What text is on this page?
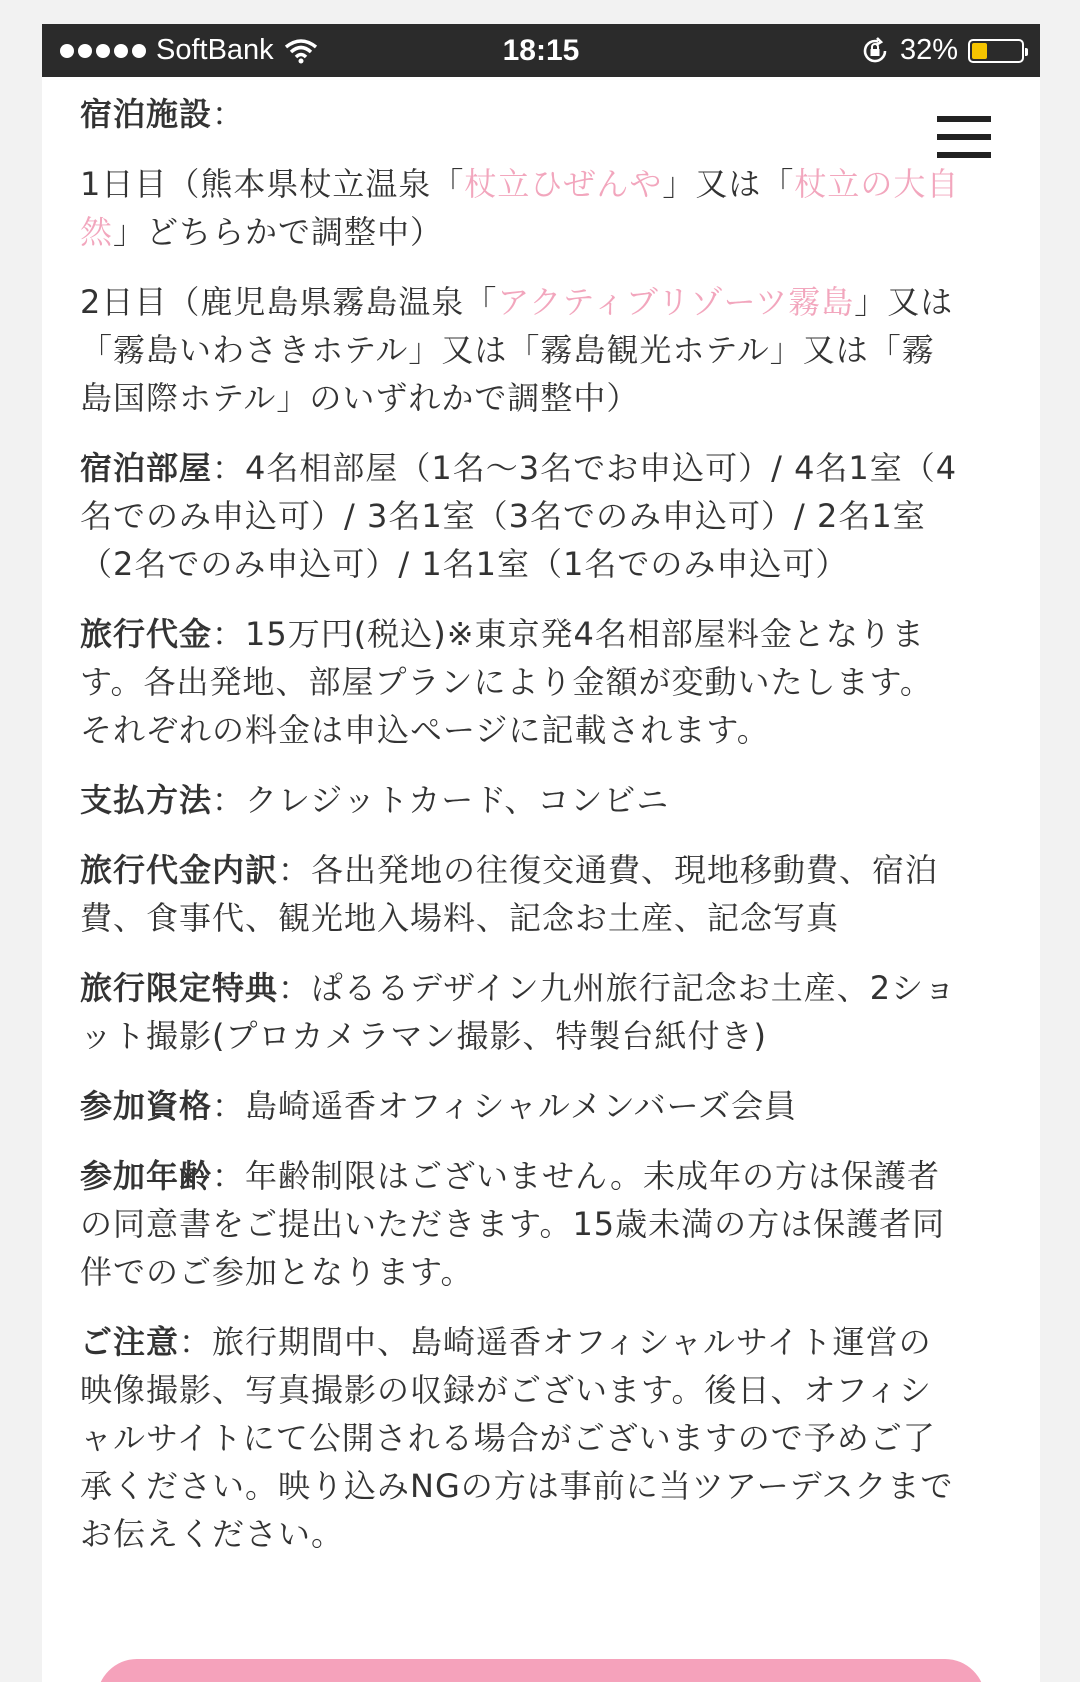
SoftBank	18:15	32%

宿泊施設：

1日目（熊本県杖立温泉「杖立ひぜんや」又は「杖立の大自然」どちらかで調整中）

2日目（鹿児島県霧島温泉「アクティブリゾーツ霧島」又は「霧島いわさきホテル」又は「霧島観光ホテル」又は「霧島国際ホテル」のいずれかで調整中）

宿泊部屋：4名相部屋（1名〜3名でお申込可）/ 4名1室（4名でのみ申込可）/ 3名1室（3名でのみ申込可）/ 2名1室（2名でのみ申込可）/ 1名1室（1名でのみ申込可）

旅行代金：15万円(税込)※東京発4名相部屋料金となります。各出発地、部屋プランにより金額が変動いたします。それぞれの料金は申込ページに記載されます。

支払方法：クレジットカード、コンビニ

旅行代金内訳：各出発地の往復交通費、現地移動費、宿泊費、食事代、観光地入場料、記念お土産、記念写真

旅行限定特典：ぱるるデザイン九州旅行記念お土産、2ショット撮影(プロカメラマン撮影、特製台紙付き)

参加資格：島崎遥香オフィシャルメンバーズ会員

参加年齢：年齢制限はございません。未成年の方は保護者の同意書をご提出いただきます。15歳未満の方は保護者同伴でのご参加となります。

ご注意：旅行期間中、島崎遥香オフィシャルサイト運営の映像撮影、写真撮影の収録がございます。後日、オフィシャルサイトにて公開される場合がございますので予めご了承ください。映り込みNGの方は事前に当ツアーデスクまでお伝えください。
